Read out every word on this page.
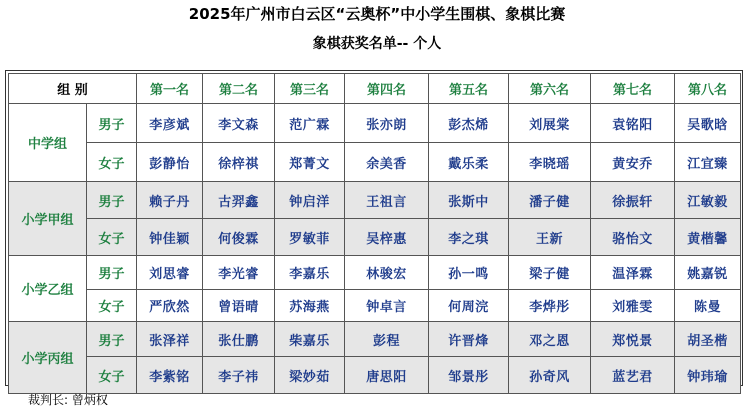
2025年广州市白云区“云奥杯”中小学生围棋、象棋比赛
象棋获奖名单-- 个人
组 别		第一名	第二名	第三名	第四名	第五名	第六名	第七名	第八名
中学组	男子	李彦斌	李文森	范广霖	张亦朗	彭杰烯	刘展棠	袁铭阳	吴歌晗
	女子	彭静怡	徐梓祺	郑菁文	余美香	戴乐柔	李晓瑶	黄安乔	江宜臻
小学甲组	男子	赖子丹	古羿鑫	钟启洋	王祖言	张斯中	潘子健	徐振轩	江敏毅
	女子	钟佳颖	何俊霖	罗敏菲	吴梓惠	李之琪	王新	骆怡文	黄楷馨
小学乙组	男子	刘思睿	李光睿	李嘉乐	林骏宏	孙一鸣	梁子健	温泽霖	姚嘉锐
	女子	严欣然	曾语晴	苏海燕	钟卓言	何周浣	李烨彤	刘雅雯	陈曼
小学丙组	男子	张泽祥	张仕鹏	柴嘉乐	彭程	许晋烽	邓之恩	郑悦景	胡圣楷
	女子	李紫铭	李子祎	梁妙茹	唐思阳	邹景彤	孙奇风	蓝艺君	钟玮瑜
裁判长: 曾炳权
